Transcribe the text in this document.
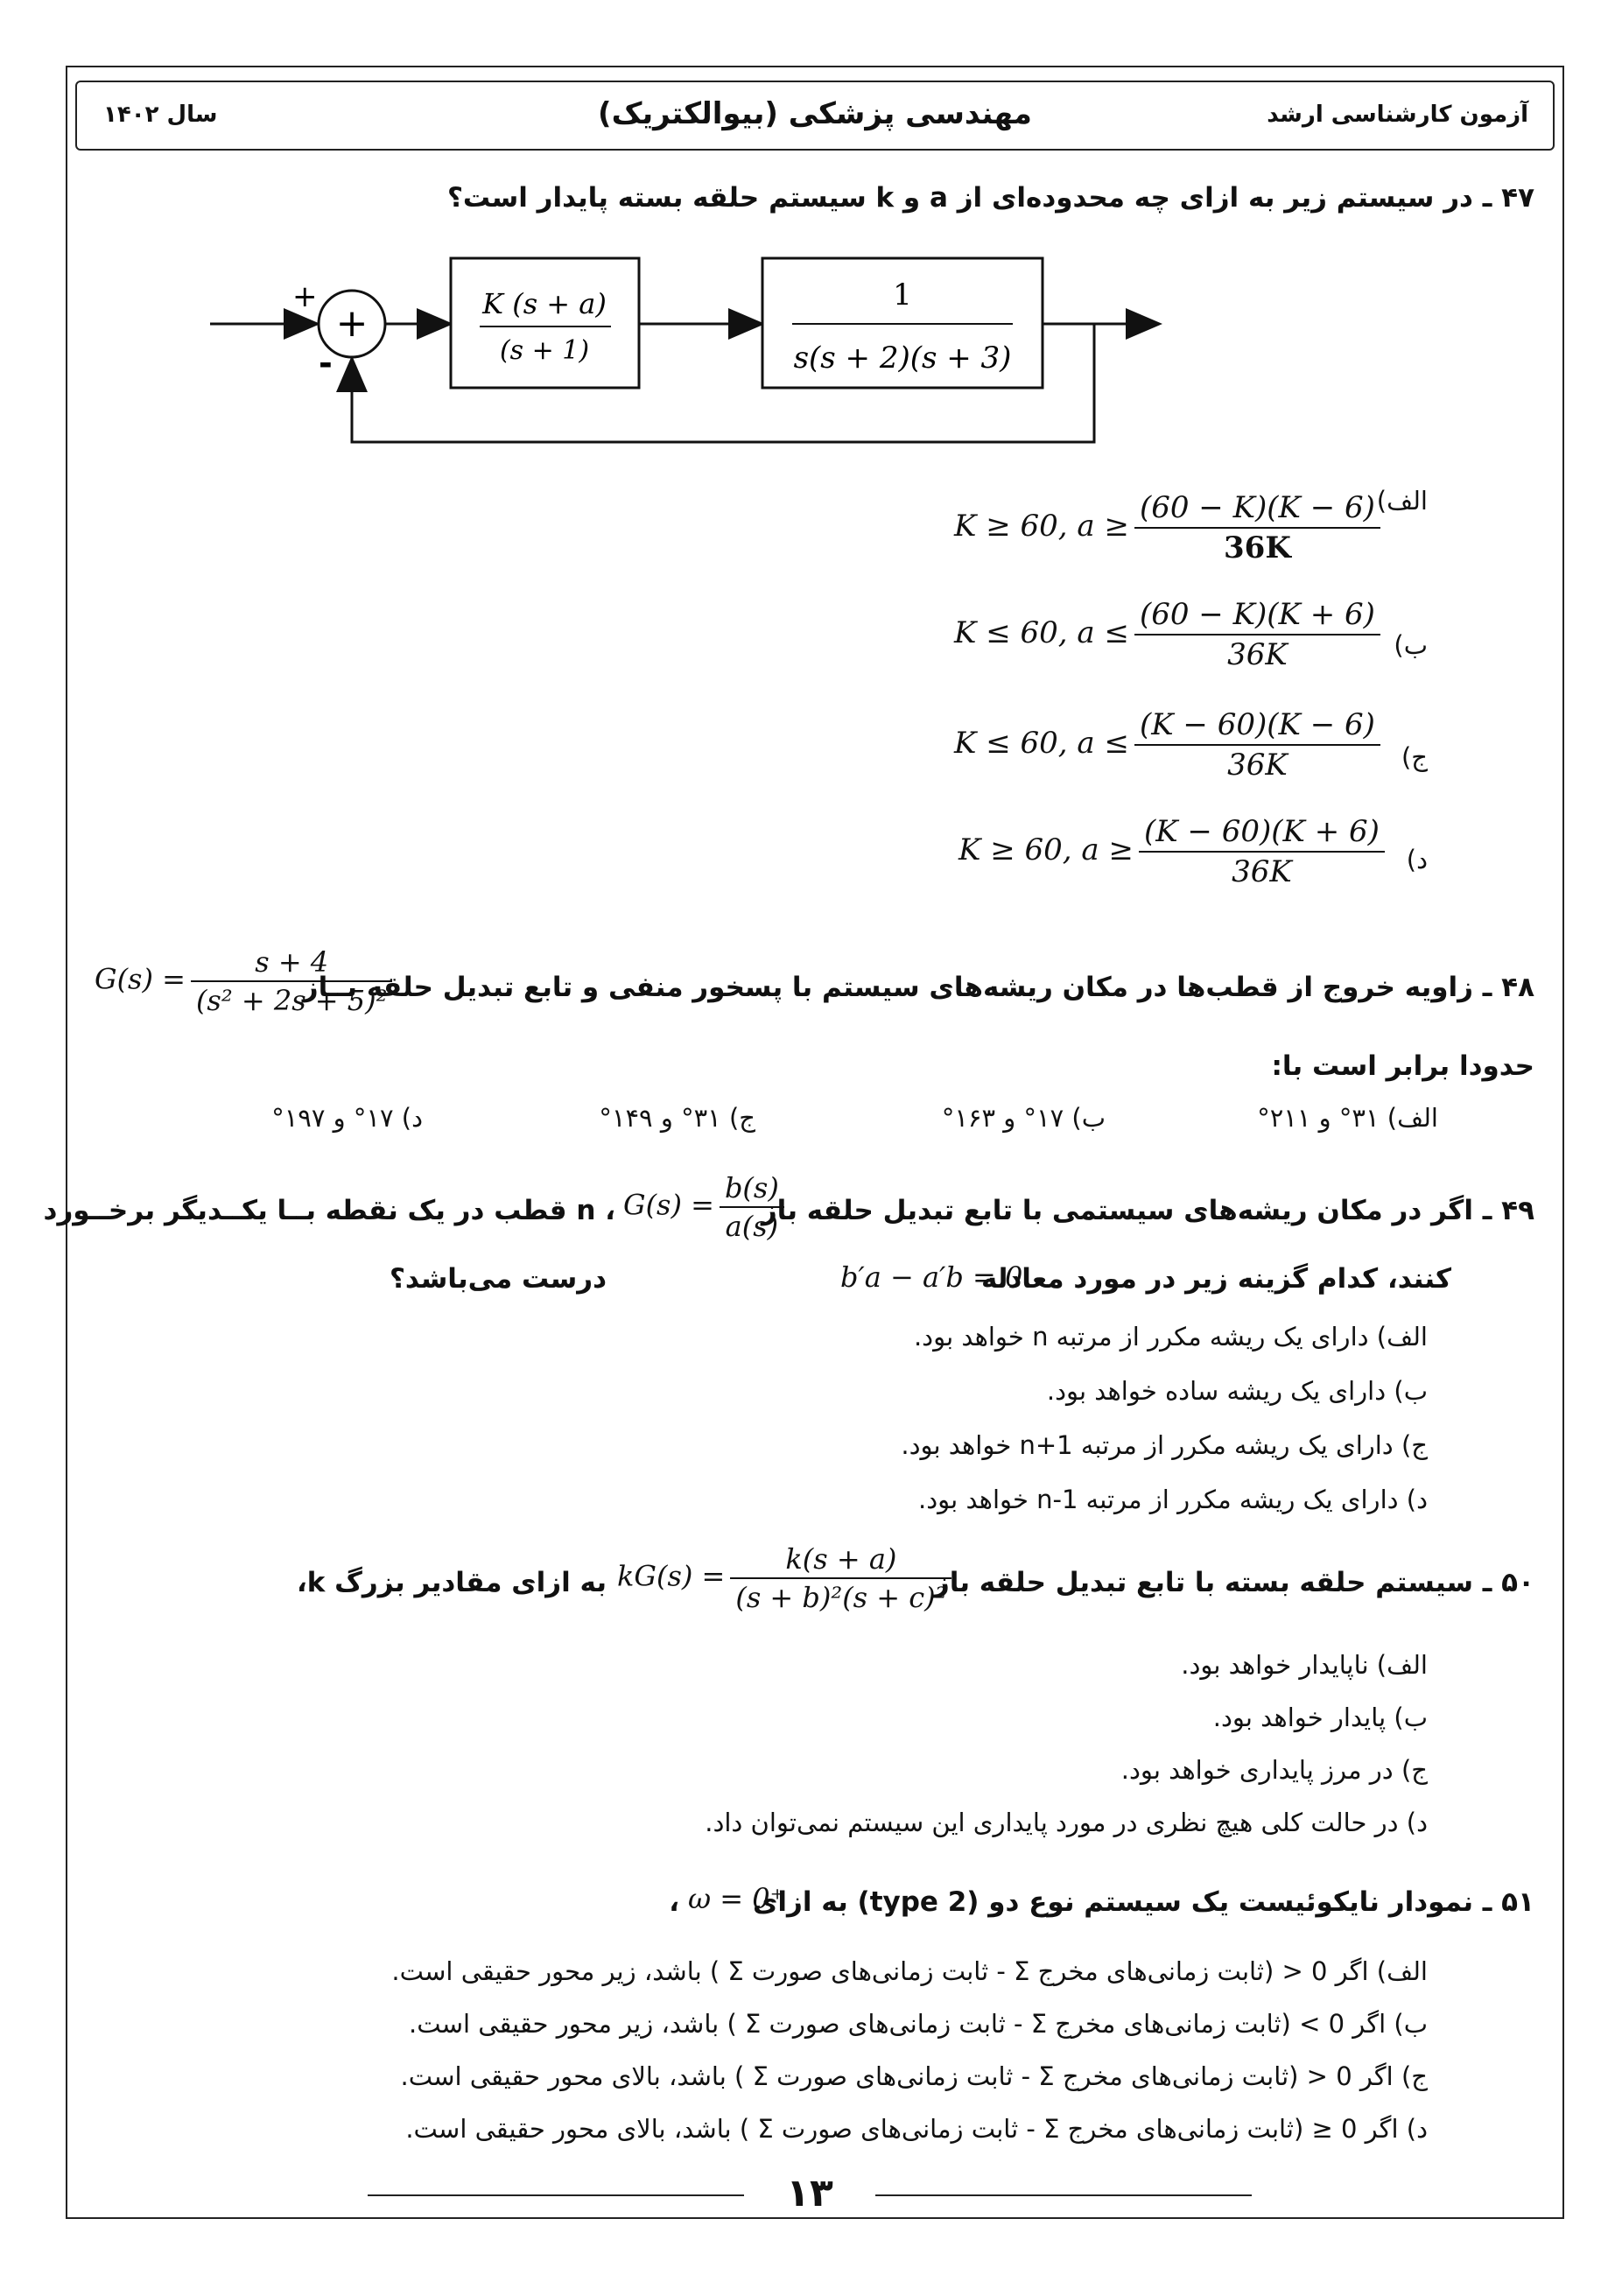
آزمون کارشناسی ارشد
مهندسی پزشکی (بیوالکتریک)
سال ۱۴۰۲
۴۷ ـ در سیستم زیر به ازای چه محدوده‌ای از a و k سیستم حلقه بسته پایدار است؟
+
+
-
K (s + a)
(s + 1)
1
s(s + 2)(s + 3)
الف)
K ≥ 60, $a \ge \frac{(60 - K)(K - 6)}{36K}$
ب)
K ≤ 60, $a \le \frac{(60 - K)(K + 6)}{36K}$
ج)
K ≤ 60, $a \le \frac{(K - 60)(K - 6)}{36K}$
د)
K ≥ 60, $a \ge \frac{(K - 60)(K + 6)}{36K}$
۴۸ ـ زاویه خروج از قطب‌ها در مکان ریشه‌های سیستم با پسخور منفی و تابع تبدیل حلقه بــاز
$G(s) = \frac{s + 4}{\text{(s² + 2s + 5)²}}$
حدودا برابر است با:
الف) ۳۱° و ۲۱۱°
ب) ۱۷° و ۱۶۳°
ج) ۳۱° و ۱۴۹°
د) ۱۷° و ۱۹۷°
۴۹ ـ اگر در مکان ریشه‌های سیستمی با تابع تبدیل حلقه باز
$G(s) = \frac{b(s)}{a(s)}$
، n قطب در یک نقطه بــا یکــدیگر برخــورد
کنند، کدام گزینه زیر در مورد معادله
b′a − a′b = 0
درست می‌باشد؟
الف) دارای یک ریشه مکرر از مرتبه n خواهد بود.
ب) دارای یک ریشه ساده خواهد بود.
ج) دارای یک ریشه مکرر از مرتبه n+1 خواهد بود.
د) دارای یک ریشه مکرر از مرتبه n-1 خواهد بود.
۵۰ ـ سیستم حلقه بسته با تابع تبدیل حلقه باز
$kG(s) = \frac{k(s + a)}{\text{(s + b)²(s + c)²}}$
به ازای مقادیر بزرگ k،
الف) ناپایدار خواهد بود.
ب) پایدار خواهد بود.
ج) در مرز پایداری خواهد بود.
د) در حالت کلی هیچ نظری در مورد پایداری این سیستم نمی‌توان داد.
۵۱ ـ نمودار نایکوئیست یک سیستم نوع دو (type 2) به ازای
ω = 0⁺
،
الف) اگر 0 < (ثابت زمانی‌های مخرج Σ - ثابت زمانی‌های صورت Σ ) باشد، زیر محور حقیقی است.
ب) اگر 0 > (ثابت زمانی‌های مخرج Σ - ثابت زمانی‌های صورت Σ ) باشد، زیر محور حقیقی است.
ج) اگر 0 < (ثابت زمانی‌های مخرج Σ - ثابت زمانی‌های صورت Σ ) باشد، بالای محور حقیقی است.
د) اگر 0 ≤ (ثابت زمانی‌های مخرج Σ - ثابت زمانی‌های صورت Σ ) باشد، بالای محور حقیقی است.
۱۳
